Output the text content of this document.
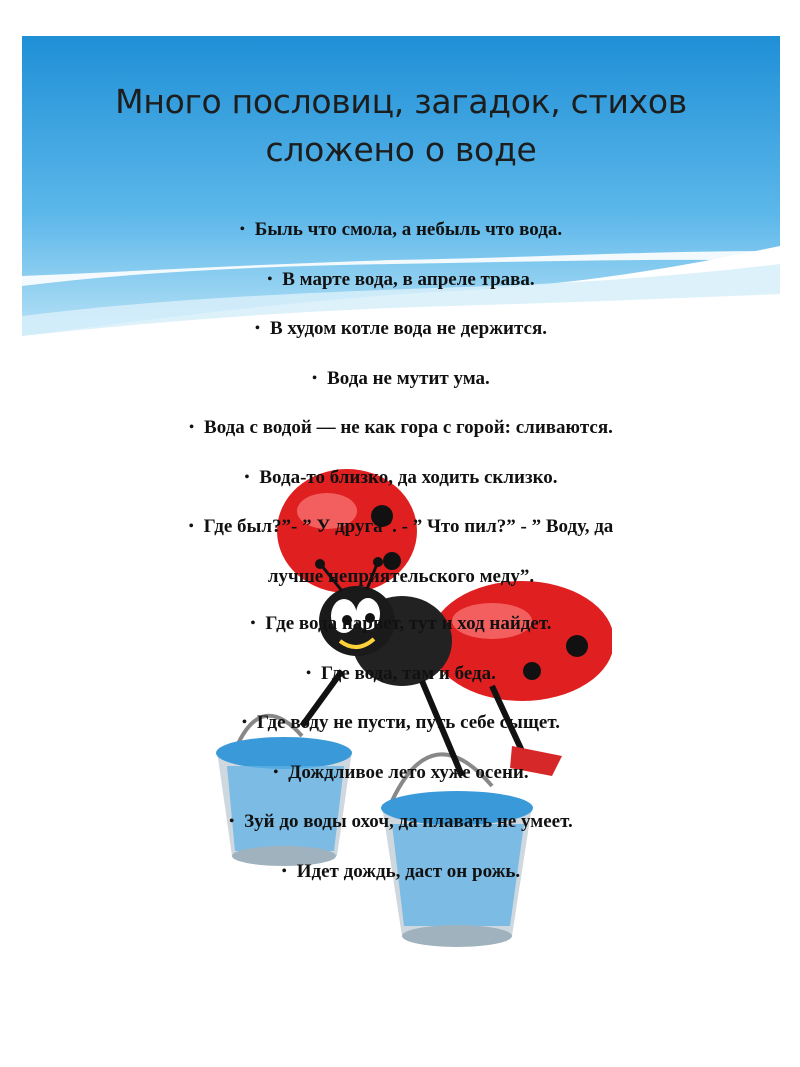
Много пословиц, загадок, стихов
сложено о воде
• Быль что смола, а небыль что вода.
• В марте вода, в апреле трава.
• В худом котле вода не держится.
• Вода не мутит ума.
• Вода с водой — не как гора с горой: сливаются.
• Вода-то близко, да ходить склизко.
• Где был?”- ” У друга”. - ” Что пил?” - ” Воду, да
лучше неприятельского меду”.
• Где вода нарвет, тут и ход найдет.
• Где вода, там и беда.
• Где воду не пусти, путь себе сыщет.
• Дождливое лето хуже осени.
• Зуй до воды охоч, да плавать не умеет.
• Идет дождь, даст он рожь.
